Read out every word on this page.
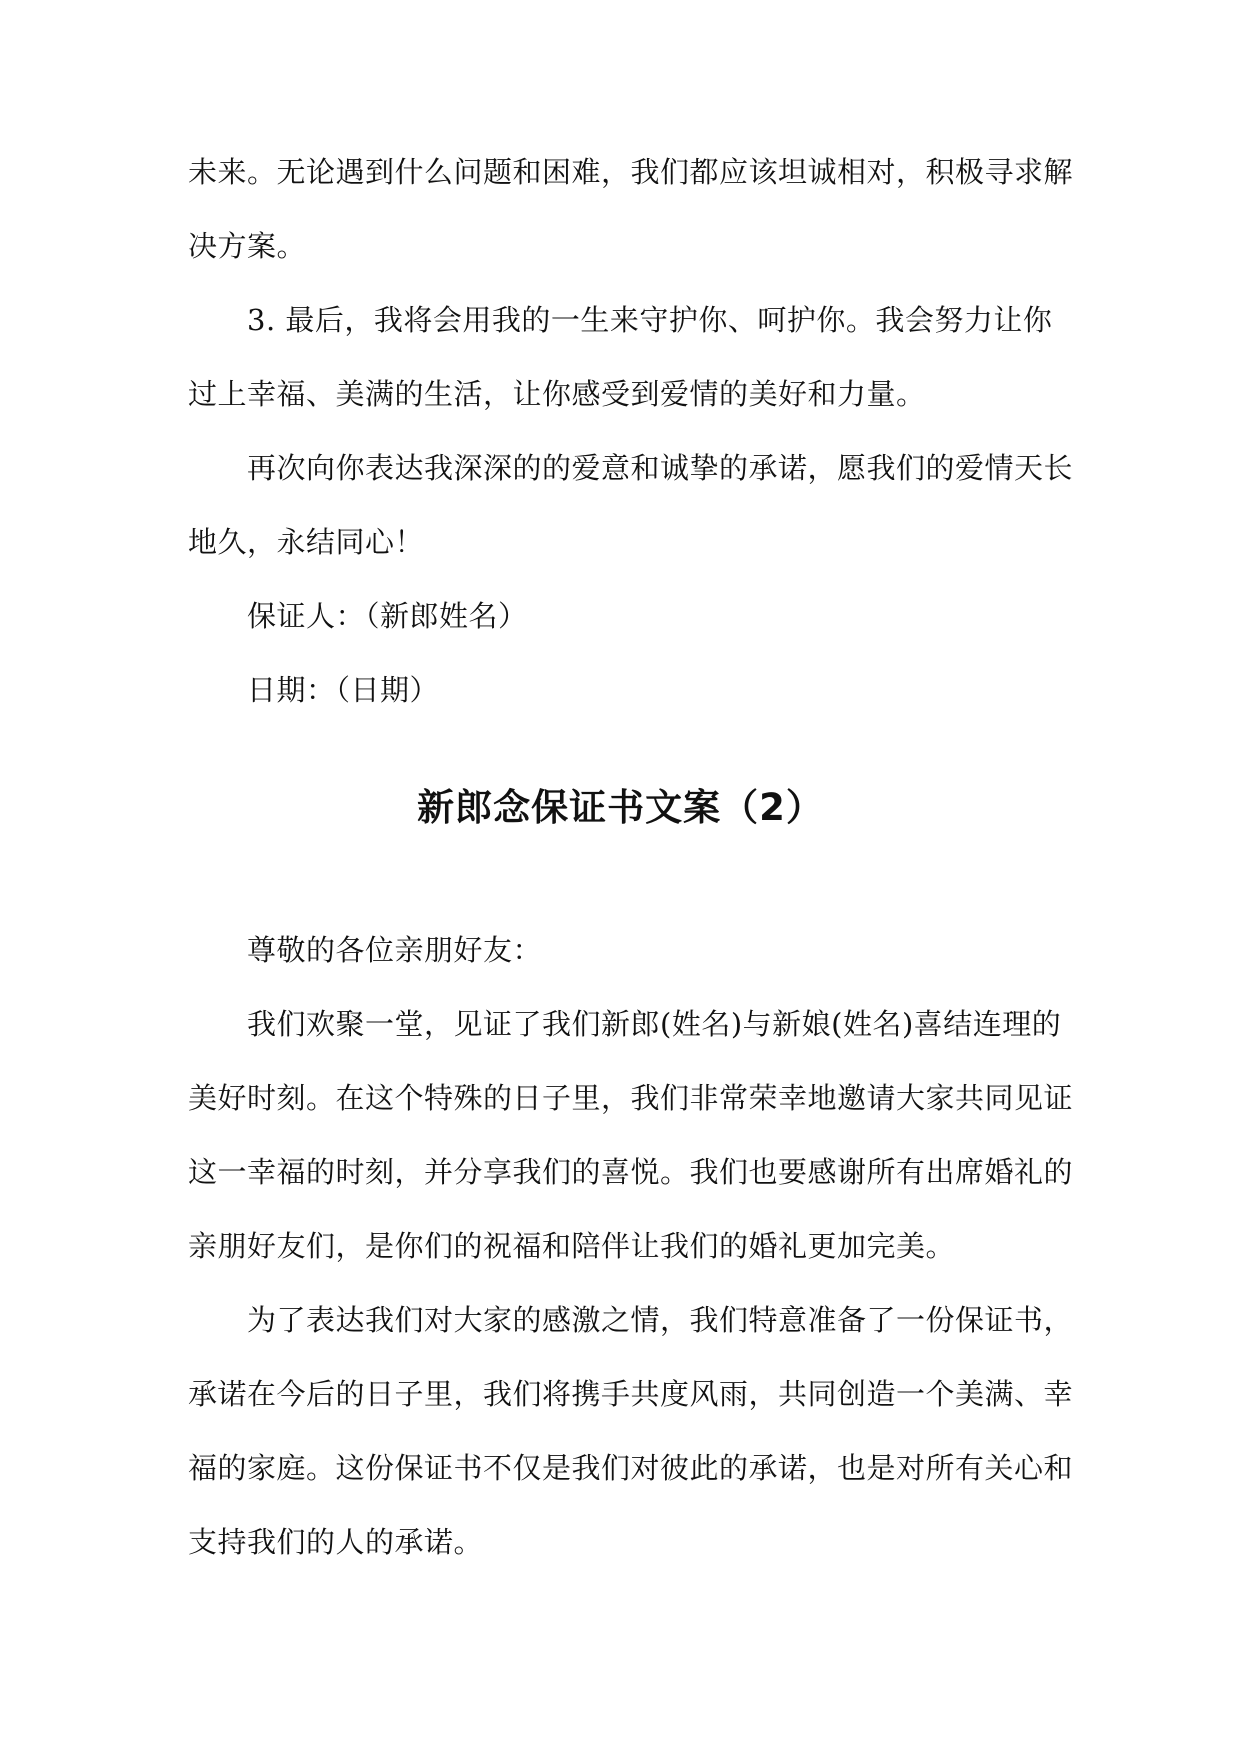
未来。无论遇到什么问题和困难，我们都应该坦诚相对，积极寻求解
决方案。
3. 最后，我将会用我的一生来守护你、呵护你。我会努力让你
过上幸福、美满的生活，让你感受到爱情的美好和力量。
再次向你表达我深深的的爱意和诚挚的承诺，愿我们的爱情天长
地久，永结同心！
保证人：（新郎姓名）
日期：（日期）
新郎念保证书文案（2）
尊敬的各位亲朋好友：
我们欢聚一堂，见证了我们新郎(姓名)与新娘(姓名)喜结连理的
美好时刻。在这个特殊的日子里，我们非常荣幸地邀请大家共同见证
这一幸福的时刻，并分享我们的喜悦。我们也要感谢所有出席婚礼的
亲朋好友们，是你们的祝福和陪伴让我们的婚礼更加完美。
为了表达我们对大家的感激之情，我们特意准备了一份保证书，
承诺在今后的日子里，我们将携手共度风雨，共同创造一个美满、幸
福的家庭。这份保证书不仅是我们对彼此的承诺，也是对所有关心和
支持我们的人的承诺。
